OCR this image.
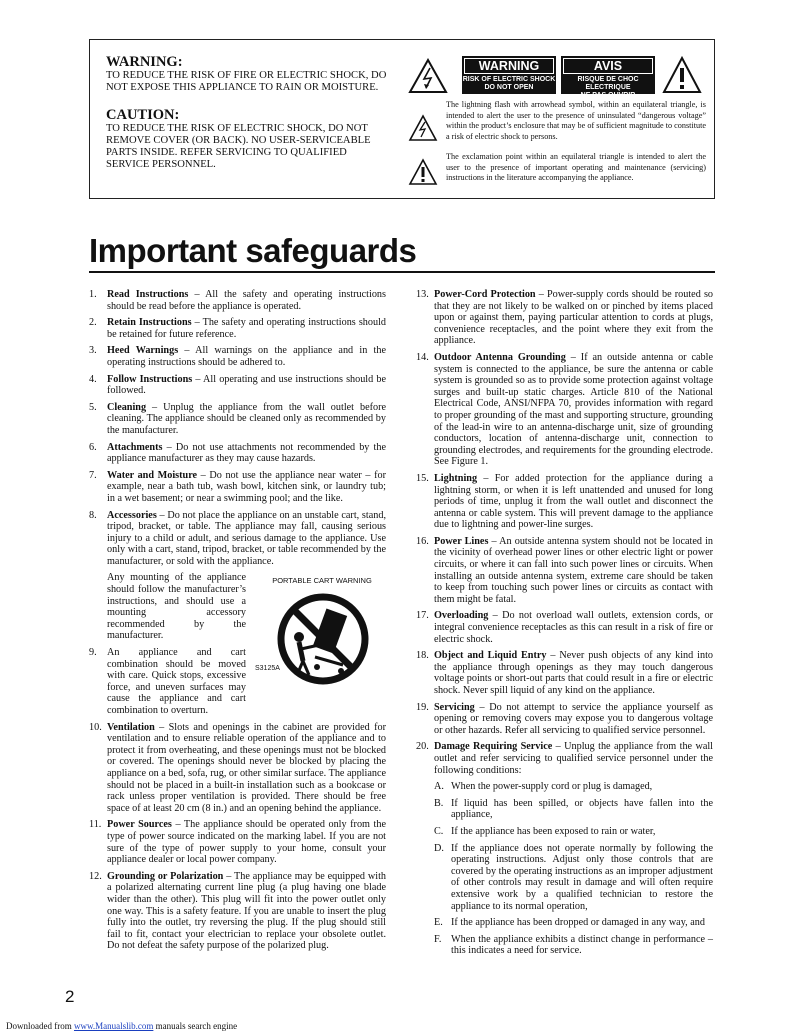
WARNING:

TO REDUCE THE RISK OF FIRE OR ELECTRIC SHOCK, DO NOT EXPOSE THIS APPLIANCE TO RAIN OR MOISTURE.

CAUTION:

TO REDUCE THE RISK OF ELECTRIC SHOCK, DO NOT REMOVE COVER (OR BACK). NO USER-SERVICEABLE PARTS INSIDE. REFER SERVICING TO QUALIFIED SERVICE PERSONNEL.

WARNING
RISK OF ELECTRIC SHOCK
DO NOT OPEN
AVIS
RISQUE DE CHOC ELECTRIQUE
NE PAS OUVRIR
The lightning flash with arrowhead symbol, within an equilateral triangle, is intended to alert the user to the presence of uninsulated “dangerous voltage” within the product’s enclosure that may be of sufficient magnitude to constitute a risk of electric shock to persons.
The exclamation point within an equilateral triangle is intended to alert the user to the presence of important operating and maintenance (servicing) instructions in the literature accompanying the appliance.
Important safeguards
1. Read Instructions – All the safety and operating instructions should be read before the appliance is operated.
2. Retain Instructions – The safety and operating instructions should be retained for future reference.
3. Heed Warnings – All warnings on the appliance and in the operating instructions should be adhered to.
4. Follow Instructions – All operating and use instructions should be followed.
5. Cleaning – Unplug the appliance from the wall outlet before cleaning. The appliance should be cleaned only as recommended by the manufacturer.
6. Attachments – Do not use attachments not recommended by the appliance manufacturer as they may cause hazards.
7. Water and Moisture – Do not use the appliance near water – for example, near a bath tub, wash bowl, kitchen sink, or laundry tub; in a wet basement; or near a swimming pool; and the like.
8. Accessories – Do not place the appliance on an unstable cart, stand, tripod, bracket, or table. The appliance may fall, causing serious injury to a child or adult, and serious damage to the appliance. Use only with a cart, stand, tripod, bracket, or table recommended by the manufacturer, or sold with the appliance.
Any mounting of the appliance should follow the manufacturer’s instructions, and should use a mounting accessory recommended by the manufacturer.
9. An appliance and cart combination should be moved with care. Quick stops, excessive force, and uneven surfaces may cause the appliance and cart combination to overturn.
PORTABLE CART WARNING
S3125A
10. Ventilation – Slots and openings in the cabinet are provided for ventilation and to ensure reliable operation of the appliance and to protect it from overheating, and these openings must not be blocked or covered. The openings should never be blocked by placing the appliance on a bed, sofa, rug, or other similar surface. The appliance should not be placed in a built-in installation such as a bookcase or rack unless proper ventilation is provided. There should be free space of at least 20 cm (8 in.) and an opening behind the appliance.
11. Power Sources – The appliance should be operated only from the type of power source indicated on the marking label. If you are not sure of the type of power supply to your home, consult your appliance dealer or local power company.
12. Grounding or Polarization – The appliance may be equipped with a polarized alternating current line plug (a plug having one blade wider than the other). This plug will fit into the power outlet only one way. This is a safety feature. If you are unable to insert the plug fully into the outlet, try reversing the plug. If the plug should still fail to fit, contact your electrician to replace your obsolete outlet. Do not defeat the safety purpose of the polarized plug.
13. Power-Cord Protection – Power-supply cords should be routed so that they are not likely to be walked on or pinched by items placed upon or against them, paying particular attention to cords at plugs, convenience receptacles, and the point where they exit from the appliance.
14. Outdoor Antenna Grounding – If an outside antenna or cable system is connected to the appliance, be sure the antenna or cable system is grounded so as to provide some protection against voltage surges and built-up static charges. Article 810 of the National Electrical Code, ANSI/NFPA 70, provides information with regard to proper grounding of the mast and supporting structure, grounding of the lead-in wire to an antenna-discharge unit, size of grounding conductors, location of antenna-discharge unit, connection to grounding electrodes, and requirements for the grounding electrode. See Figure 1.
15. Lightning – For added protection for the appliance during a lightning storm, or when it is left unattended and unused for long periods of time, unplug it from the wall outlet and disconnect the antenna or cable system. This will prevent damage to the appliance due to lightning and power-line surges.
16. Power Lines – An outside antenna system should not be located in the vicinity of overhead power lines or other electric light or power circuits, or where it can fall into such power lines or circuits. When installing an outside antenna system, extreme care should be taken to keep from touching such power lines or circuits as contact with them might be fatal.
17. Overloading – Do not overload wall outlets, extension cords, or integral convenience receptacles as this can result in a risk of fire or electric shock.
18. Object and Liquid Entry – Never push objects of any kind into the appliance through openings as they may touch dangerous voltage points or short-out parts that could result in a fire or electric shock. Never spill liquid of any kind on the appliance.
19. Servicing – Do not attempt to service the appliance yourself as opening or removing covers may expose you to dangerous voltage or other hazards. Refer all servicing to qualified service personnel.
20. Damage Requiring Service – Unplug the appliance from the wall outlet and refer servicing to qualified service personnel under the following conditions:
A. When the power-supply cord or plug is damaged,
B. If liquid has been spilled, or objects have fallen into the appliance,
C. If the appliance has been exposed to rain or water,
D. If the appliance does not operate normally by following the operating instructions. Adjust only those controls that are covered by the operating instructions as an improper adjustment of other controls may result in damage and will often require extensive work by a qualified technician to restore the appliance to its normal operation,
E. If the appliance has been dropped or damaged in any way, and
F. When the appliance exhibits a distinct change in performance – this indicates a need for service.
2
Downloaded from www.Manualslib.com manuals search engine
